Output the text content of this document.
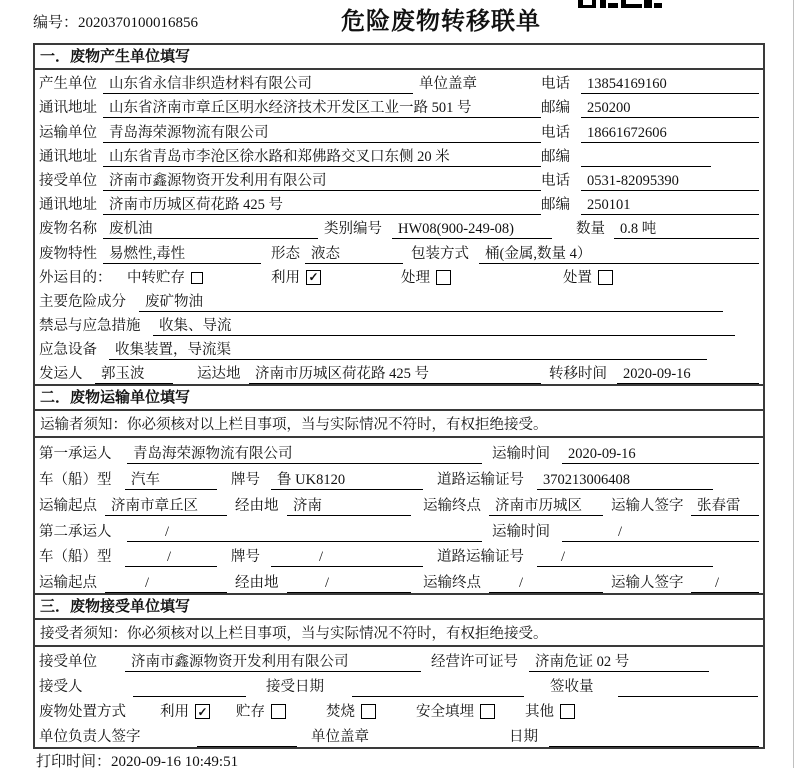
编号：2020370100016856	危险废物转移联单
一．废物产生单位填写
产生单位 山东省永信非织造材料有限公司	单位盖章	电话	13854169160
通讯地址 山东省济南市章丘区明水经济技术开发区工业一路 501 号	邮编	250200
运输单位 青岛海荣源物流有限公司	电话	18661672606
通讯地址 山东省青岛市李沧区徐水路和郑佛路交叉口东侧 20 米	邮编
接受单位 济南市鑫源物资开发利用有限公司	电话	0531-82095390
通讯地址 济南市历城区荷花路 425 号	邮编	250101
废物名称 废机油	类别编号	HW08(900-249-08)	数量	0.8 吨
废物特性 易燃性,毒性	形态 液态	包装方式	桶(金属,数量 4）
外运目的：	中转贮存	利用 ✓	处理	处置
主要危险成分	废矿物油
禁忌与应急措施	收集、导流
应急设备	收集装置，导流渠
发运人	郭玉波	运达地	济南市历城区荷花路 425 号	转移时间	2020-09-16
二．废物运输单位填写
运输者须知： 你必须核对以上栏目事项，当与实际情况不符时，有权拒绝接受。
第一承运人	青岛海荣源物流有限公司	运输时间	2020-09-16
车（船）型	汽车	牌号	鲁 UK8120	道路运输证号	370213006408
运输起点 济南市章丘区	经由地	济南	运输终点 济南市历城区	运输人签字 张春雷
第二承运人	/	运输时间	/
车（船）型	/	牌号	/	道路运输证号	/
运输起点	/	经由地	/	运输终点	/	运输人签字	/
三．废物接受单位填写
接受者须知： 你必须核对以上栏目事项，当与实际情况不符时，有权拒绝接受。
接受单位	济南市鑫源物资开发利用有限公司	经营许可证号	济南危证 02 号
接受人	接受日期	签收量
废物处置方式 利用 ✓ 贮存	焚烧	安全填埋	其他
单位负责人签字	单位盖章	日期
打印时间：2020-09-16 10:49:51
